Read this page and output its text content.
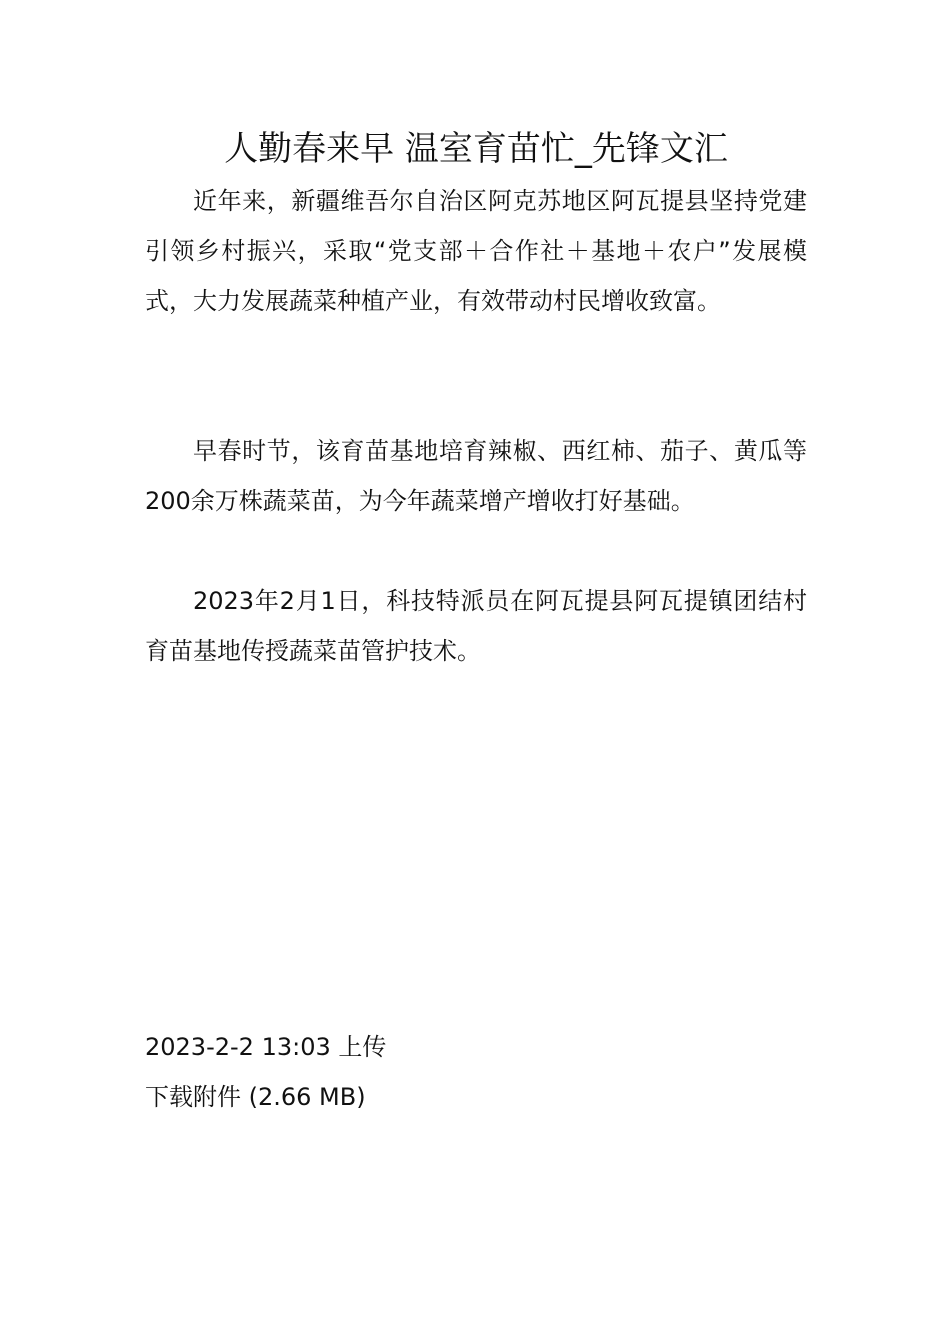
人勤春来早 温室育苗忙_先锋文汇

近年来，新疆维吾尔自治区阿克苏地区阿瓦提县坚持党建引领乡村振兴，采取“党支部＋合作社＋基地＋农户”发展模式，大力发展蔬菜种植产业，有效带动村民增收致富。

早春时节，该育苗基地培育辣椒、西红柿、茄子、黄瓜等200余万株蔬菜苗，为今年蔬菜增产增收打好基础。

2023年2月1日，科技特派员在阿瓦提县阿瓦提镇团结村育苗基地传授蔬菜苗管护技术。

2023-2-2 13:03 上传

下载附件 (2.66 MB)
